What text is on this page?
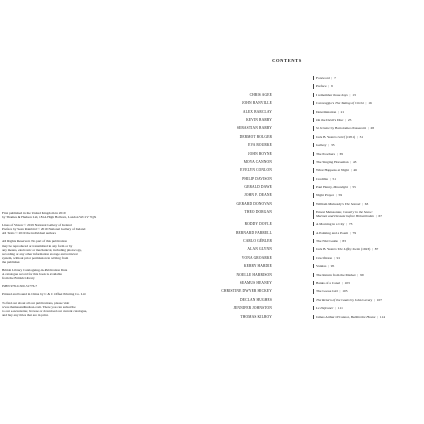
First published in the United Kingdom in 2019
by Thames & Hudson Ltd, 181A High Holborn, London WC1V 7QX
Lines of Vision © 2019 National Gallery of Ireland
Preface by Sean Rainbird © 2019 National Gallery of Ireland
All Texts © 2019 the individual authors
All Rights Reserved. No part of this publication
may be reproduced or transmitted in any form or by
any means, electronic or mechanical, including photocopy,
recording or any other information storage and retrieval
system, without prior permission in writing from
the publisher.
British Library Cataloguing-in-Publication Data
A catalogue record for this book is available
from the British Library
ISBN 978-0-500-51776-7
Printed and bound in China by C & C Offset Printing Co. Ltd
To find out about all our publications, please visit
www.thamesandhudson.com. There you can subscribe
to our e-newsletter, browse or download our current catalogue,
and buy any titles that are in print.
CONTENTS
Foreword | 7
Preface | 9
CHRIS AGEE	I remember those days | 13
JOHN BANVILLE	Caravaggio's The Taking of Christ | 16
ALEX BARCLAY	Determination | 21
KEVIN BARRY	On the Devil's Disc | 25
SEBASTIAN BARRY	St Jerome by Bartolomeo Passerotti | 28
DERMOT BOLGER	Jack B. Yeats's Grief (1951) | 31
EVA BOURKE	Gallery | 35
JOHN BOYNE	The Poachers | 39
MOYA CANNON	The Singing Horseman | 43
EVELYN CONLON	What Happens at Night | 46
PHILIP DAVISON	Credible | 51
GERALD DAWE	Paul Henry, Moonlight | 55
JOHN F. DEANE	Night Prayer | 59
GERARD DONOVAN	William Mulready's The Sonnet | 63
THEO DORGAN	Ernest Meissonier, Cavalry in the Snow:
Marmot and Dessaix before Hohenlinden | 67
RODDY DOYLE	A Morning in a City | 73
BERNARD FARRELL	A Painting and a Poem | 79
CARLO GÉBLER	The NGI Guide | 83
ALAN GLYNN	Jack B. Yeats's The Liffey Swim (1923) | 87
VONA GROARKE	Crucifixion | 91
KERRY HARDIE	Vanitas | 95
NOELLE HARRISON	The Return from the Market | 99
SEAMUS HEANEY	Banks of a Canal | 103
CHRISTINE DWYER HICKEY	The Goose Girl | 105
DECLAN HUGHES	The Return of the Goats by John Lavery | 107
JENNIFER JOHNSTON	Le Déjeuner | 111
THOMAS KILROY	James Arthur O'Connor, Ballinrobe House | 114
